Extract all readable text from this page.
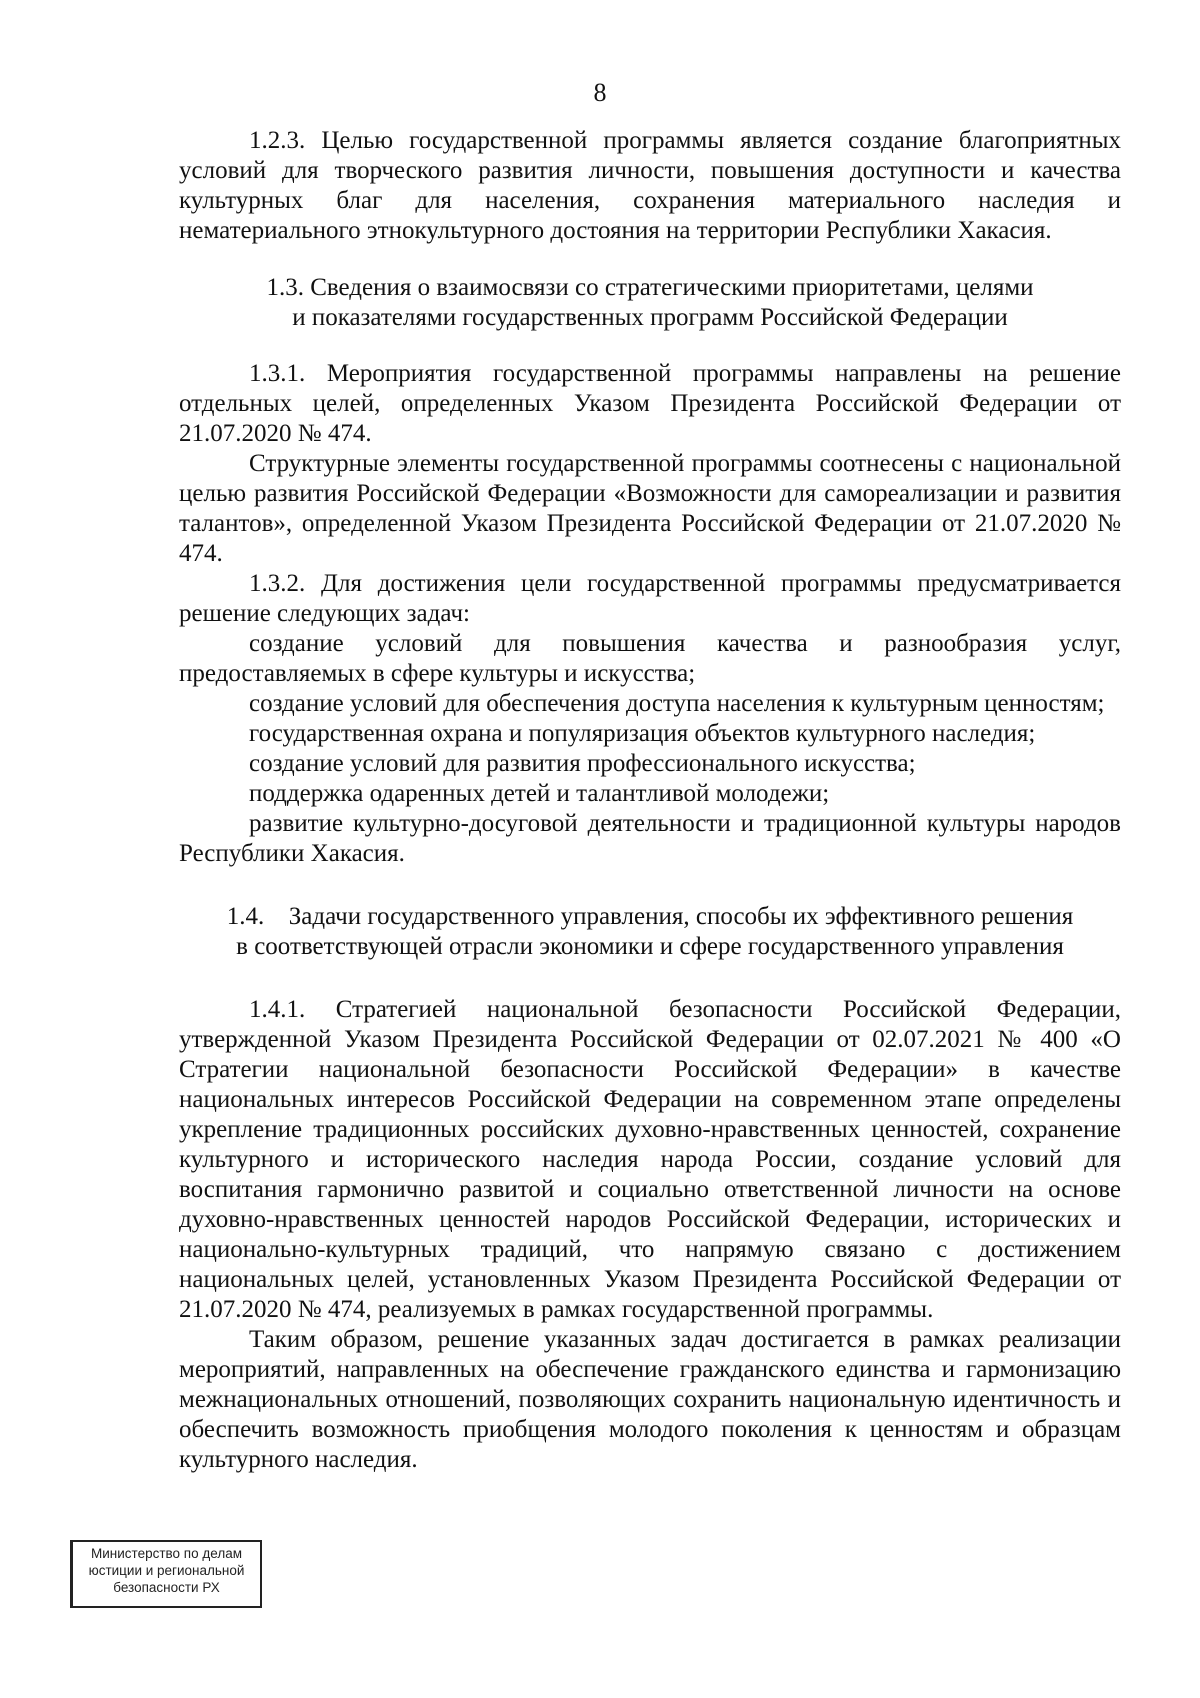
8

1.2.3. Целью государственной программы является создание благоприятных условий для творческого развития личности, повышения доступности и качества культурных благ для населения, сохранения материального наследия и нематериального этнокультурного достояния на территории Республики Хакасия.

1.3. Сведения о взаимосвязи со стратегическими приоритетами, целями

и показателями государственных программ Российской Федерации

1.3.1. Мероприятия государственной программы направлены на решение отдельных целей, определенных Указом Президента Российской Федерации от 21.07.2020 № 474.

Структурные элементы государственной программы соотнесены с национальной целью развития Российской Федерации «Возможности для самореализации и развития талантов», определенной Указом Президента Российской Федерации от 21.07.2020 № 474.

1.3.2. Для достижения цели государственной программы предусматривается решение следующих задач:

создание условий для повышения качества и разнообразия услуг, предоставляемых в сфере культуры и искусства;

создание условий для обеспечения доступа населения к культурным ценностям;

государственная охрана и популяризация объектов культурного наследия;

создание условий для развития профессионального искусства;

поддержка одаренных детей и талантливой молодежи;

развитие культурно-досуговой деятельности и традиционной культуры народов Республики Хакасия.

1.4. Задачи государственного управления, способы их эффективного решения

в соответствующей отрасли экономики и сфере государственного управления

1.4.1. Стратегией национальной безопасности Российской Федерации, утвержденной Указом Президента Российской Федерации от 02.07.2021 № 400 «О Стратегии национальной безопасности Российской Федерации» в качестве национальных интересов Российской Федерации на современном этапе определены укрепление традиционных российских духовно-нравственных ценностей, сохранение культурного и исторического наследия народа России, создание условий для воспитания гармонично развитой и социально ответственной личности на основе духовно-нравственных ценностей народов Российской Федерации, исторических и национально-культурных традиций, что напрямую связано с достижением национальных целей, установленных Указом Президента Российской Федерации от 21.07.2020 № 474, реализуемых в рамках государственной программы.

Таким образом, решение указанных задач достигается в рамках реализации мероприятий, направленных на обеспечение гражданского единства и гармонизацию межнациональных отношений, позволяющих сохранить национальную идентичность и обеспечить возможность приобщения молодого поколения к ценностям и образцам культурного наследия.

Министерство по делам
юстиции и региональной
безопасности РХ
